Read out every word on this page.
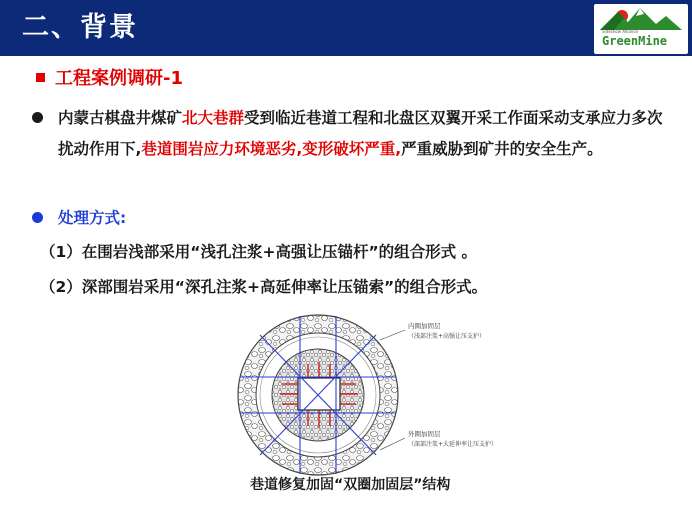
二、背景	Sideshow Alliance
GreenMine
工程案例调研-1
内蒙古棋盘井煤矿北大巷群受到临近巷道工程和北盘区双翼开采工作面采动支承应力多次扰动作用下,巷道围岩应力环境恶劣,变形破坏严重,严重威胁到矿井的安全生产。
处理方式:
（1）在围岩浅部采用“浅孔注浆+高强让压锚杆”的组合形式 。
（2）深部围岩采用“深孔注浆+高延伸率让压锚索”的组合形式。
内圈加固层
（浅部注浆+高强让压支护）
外圈加固层
（深部注浆+大延伸率让压支护）
巷道修复加固“双圈加固层”结构
